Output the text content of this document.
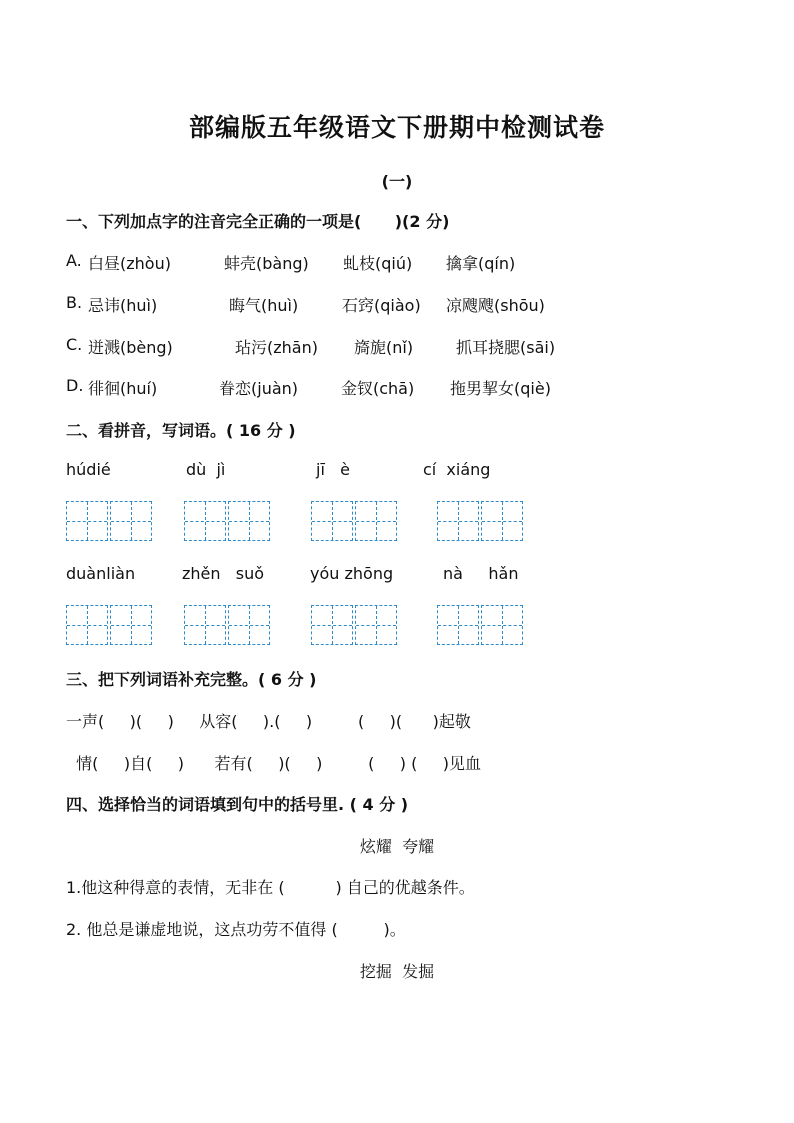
部编版五年级语文下册期中检测试卷
(一)
一、下列加点字的注音完全正确的一项是(      )(2 分)
A. 白昼(zhòu)	蚌壳(bàng) 虬枝(qiú) 擒拿(qín)
B. 忌讳(huì)	晦气(huì)	石窍(qiào) 凉飕飕(shōu)
C. 迸溅(bèng)	玷污(zhān) 旖旎(nǐ)	抓耳挠腮(sāi)
D. 徘徊(huí)	眷恋(juàn)	金钗(chā) 拖男挈女(qiè)
二、看拼音，写词语。( 16 分 )
húdié	dù  jì	jī   è	cí  xiáng
duànliàn	zhěn   suǒ	yóu zhōng	nà     hǎn
三、把下列词语补充完整。( 6 分 )
一声(     )(     )     从容(     ).(     )         (     )(      )起敬
情(     )自(     )      若有(     )(     )         (     ) (     )见血
四、选择恰当的词语填到句中的括号里. ( 4 分 )
炫耀  夸耀
1.他这种得意的表情，无非在 (          ) 自己的优越条件。
2. 他总是谦虚地说，这点功劳不值得 (         )。
挖掘  发掘
